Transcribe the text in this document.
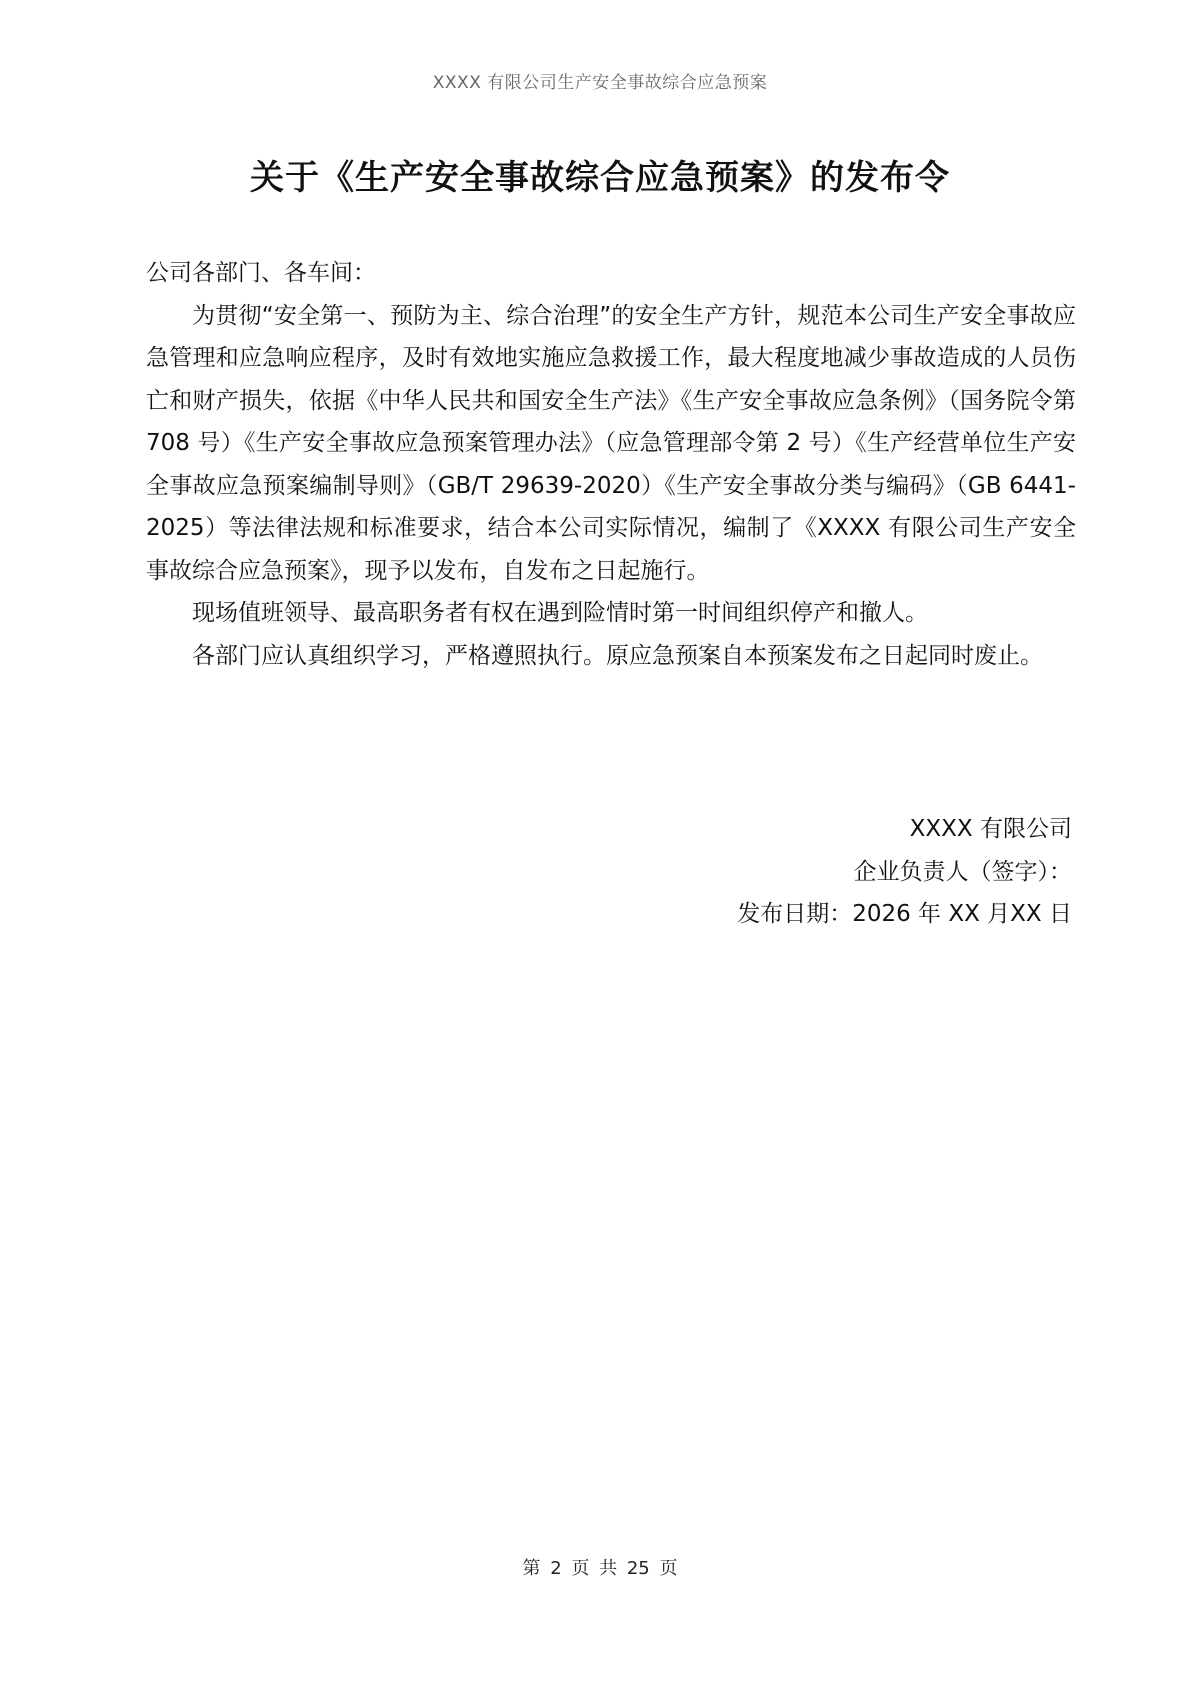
XXXX 有限公司生产安全事故综合应急预案
关于《生产安全事故综合应急预案》的发布令

公司各部门、各车间：

为贯彻“安全第一、预防为主、综合治理”的安全生产方针，规范本公司生产安全事故应急管理和应急响应程序，及时有效地实施应急救援工作，最大程度地减少事故造成的人员伤亡和财产损失，依据《中华人民共和国安全生产法》《生产安全事故应急条例》（国务院令第 708 号）《生产安全事故应急预案管理办法》（应急管理部令第 2 号）《生产经营单位生产安全事故应急预案编制导则》（GB/T 29639-2020）《生产安全事故分类与编码》（GB 6441-2025）等法律法规和标准要求，结合本公司实际情况，编制了《XXXX 有限公司生产安全事故综合应急预案》，现予以发布，自发布之日起施行。

现场值班领导、最高职务者有权在遇到险情时第一时间组织停产和撤人。

各部门应认真组织学习，严格遵照执行。原应急预案自本预案发布之日起同时废止。

XXXX 有限公司
企业负责人（签字）：
发布日期：2026 年 XX 月XX 日
第 2 页 共 25 页
